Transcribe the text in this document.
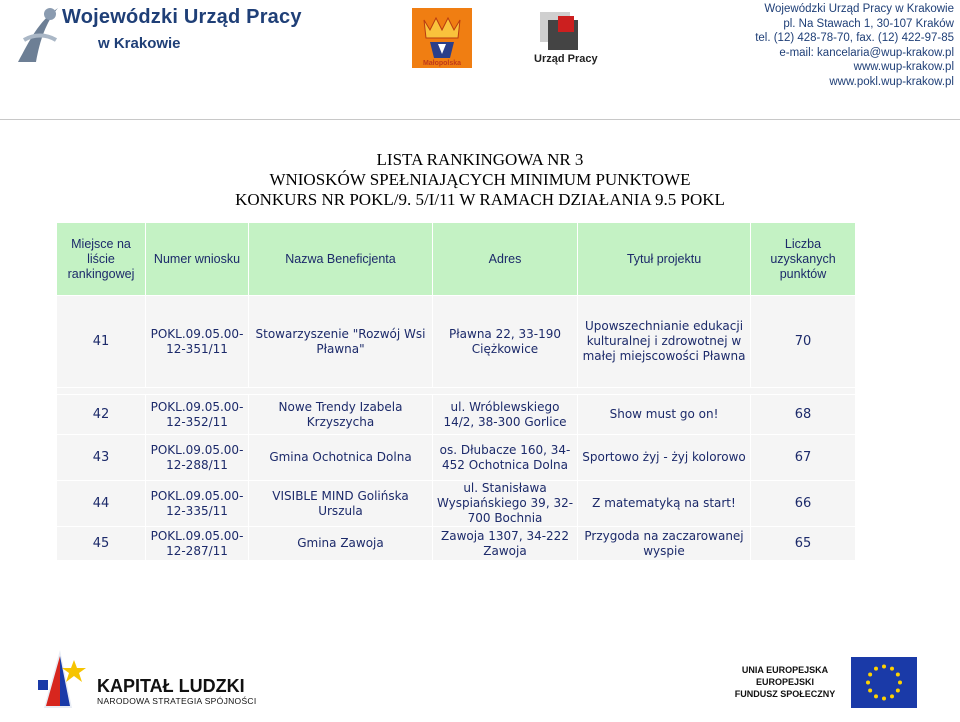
Wojewódzki Urząd Pracy
w Krakowie
Małopolska	Urząd Pracy
Wojewódzki Urząd Pracy w Krakowie
pl. Na Stawach 1, 30-107 Kraków
tel. (12) 428-78-70, fax. (12) 422-97-85
e-mail: kancelaria@wup-krakow.pl
www.wup-krakow.pl
www.pokl.wup-krakow.pl
LISTA RANKINGOWA NR 3
WNIOSKÓW SPEŁNIAJĄCYCH MINIMUM PUNKTOWE
KONKURS NR POKL/9. 5/I/11 W RAMACH DZIAŁANIA 9.5 POKL
Miejsce na liście rankingowej	Numer wniosku	Nazwa Beneficjenta	Adres	Tytuł projektu	Liczba uzyskanych punktów
41	POKL.09.05.00-12-351/11	Stowarzyszenie "Rozwój Wsi Pławna"	Pławna 22, 33-190 Ciężkowice	Upowszechnianie edukacji kulturalnej i zdrowotnej w małej miejscowości Pławna	70

42	POKL.09.05.00-12-352/11	Nowe Trendy Izabela Krzyszycha	ul. Wróblewskiego 14/2, 38-300 Gorlice	Show must go on!	68
43	POKL.09.05.00-12-288/11	Gmina Ochotnica Dolna	os. Dłubacze 160, 34-452 Ochotnica Dolna	Sportowo żyj - żyj kolorowo	67
44	POKL.09.05.00-12-335/11	VISIBLE MIND Golińska Urszula	ul. Stanisława Wyspiańskiego 39, 32-700 Bochnia	Z matematyką na start!	66
45	POKL.09.05.00-12-287/11	Gmina Zawoja	Zawoja 1307, 34-222 Zawoja	Przygoda na zaczarowanej wyspie	65
KAPITAŁ LUDZKI
NARODOWA STRATEGIA SPÓJNOŚCI
UNIA EUROPEJSKA
EUROPEJSKI
FUNDUSZ SPOŁECZNY
